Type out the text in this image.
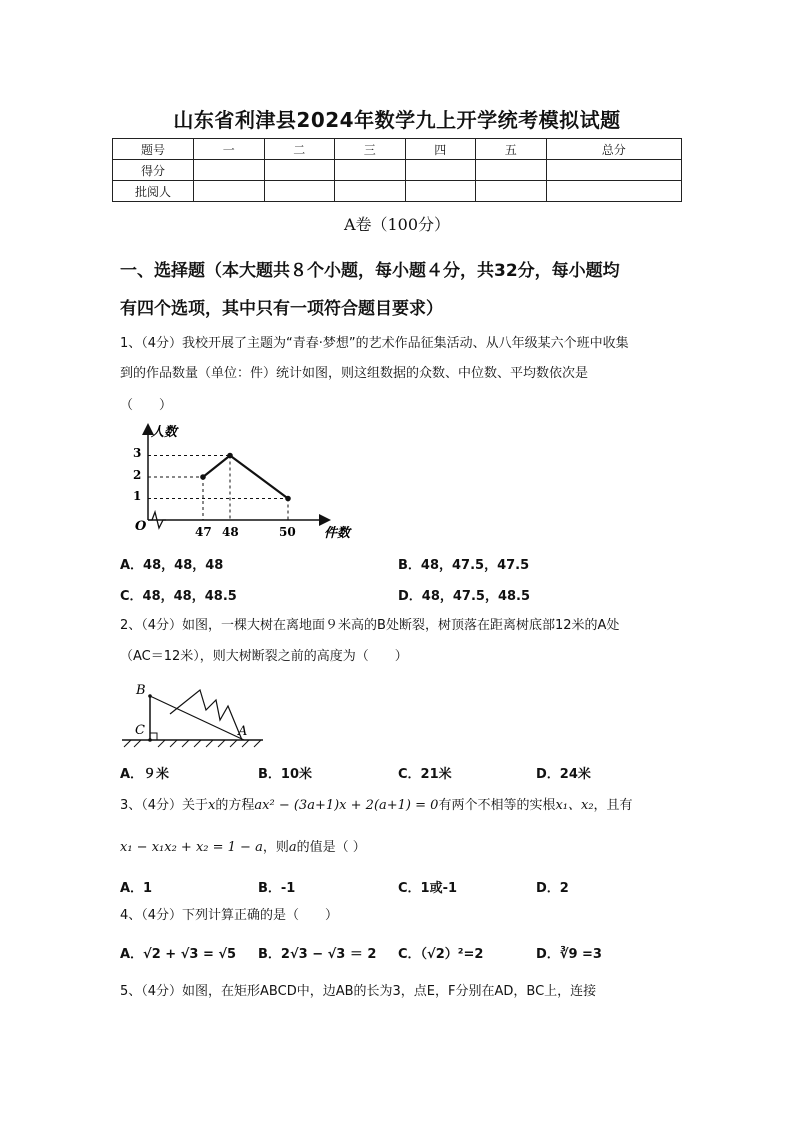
山东省利津县2024年数学九上开学统考模拟试题
题号	一	二	三	四	五	总分
得分						
批阅人						
A卷（100分）
一、选择题（本大题共８个小题，每小题４分，共32分，每小题均
有四个选项，其中只有一项符合题目要求）
1、（4分）我校开展了主题为“青春·梦想”的艺术作品征集活动、从八年级某六个班中收集
到的作品数量（单位：件）统计如图，则这组数据的众数、中位数、平均数依次是
（　　）
人数
件数
O
1
2
3
47 48	50
A．48，48，48	B．48，47.5，47.5
C．48，48，48.5	D．48，47.5，48.5
2、（4分）如图，一棵大树在离地面９米高的B处断裂，树顶落在距离树底部12米的A处
（AC＝12米），则大树断裂之前的高度为（　　）
B
C	A
A．９米	B．10米	C．21米	D．24米
3、（4分）关于x的方程ax² − (3a+1)x + 2(a+1) = 0有两个不相等的实根x₁、x₂，且有
x₁ − x₁x₂ + x₂ = 1 − a，则a的值是（ ）
A．1	B．-1	C．1或-1	D．2
4、（4分）下列计算正确的是（　　）
A．√2 + √3 = √5 B．2√3 − √3 ＝ 2 C．（√2）²=2	D．∛9 =3
5、（4分）如图，在矩形ABCD中，边AB的长为3，点E，F分别在AD，BC上，连接
